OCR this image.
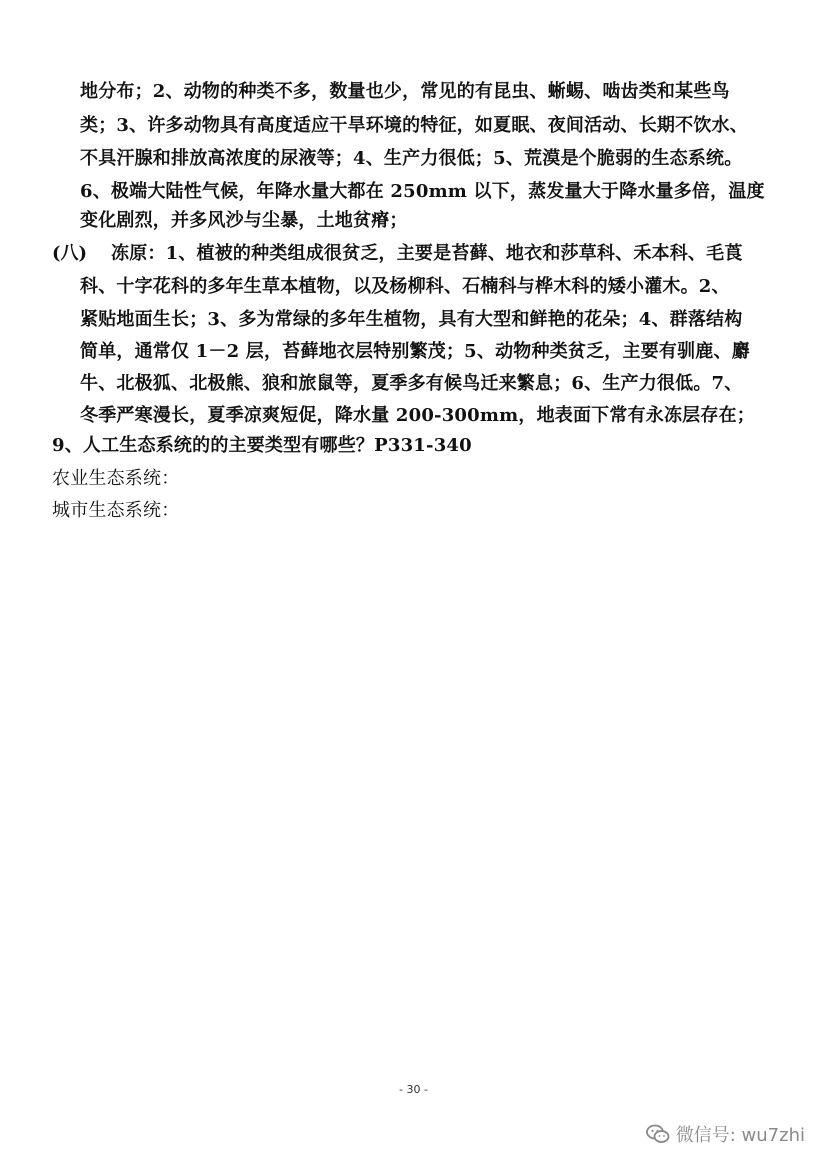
地分布；2、动物的种类不多，数量也少，常见的有昆虫、蜥蜴、啮齿类和某些鸟
类；3、许多动物具有高度适应干旱环境的特征，如夏眠、夜间活动、长期不饮水、
不具汗腺和排放高浓度的尿液等；4、生产力很低；5、荒漠是个脆弱的生态系统。
6、极端大陆性气候，年降水量大都在 250mm 以下，蒸发量大于降水量多倍，温度
变化剧烈，并多风沙与尘暴，土地贫瘠；
(八) 冻原：1、植被的种类组成很贫乏，主要是苔藓、地衣和莎草科、禾本科、毛莨
科、十字花科的多年生草本植物，以及杨柳科、石楠科与桦木科的矮小灌木。2、
紧贴地面生长；3、多为常绿的多年生植物，具有大型和鲜艳的花朵；4、群落结构
简单，通常仅 1－2 层，苔藓地衣层特别繁茂；5、动物种类贫乏，主要有驯鹿、麝
牛、北极狐、北极熊、狼和旅鼠等，夏季多有候鸟迁来繁息；6、生产力很低。7、
冬季严寒漫长，夏季凉爽短促，降水量 200-300mm，地表面下常有永冻层存在；
9、人工生态系统的的主要类型有哪些？P331-340
农业生态系统：
城市生态系统：
- 30 -
微信号: wu7zhi
